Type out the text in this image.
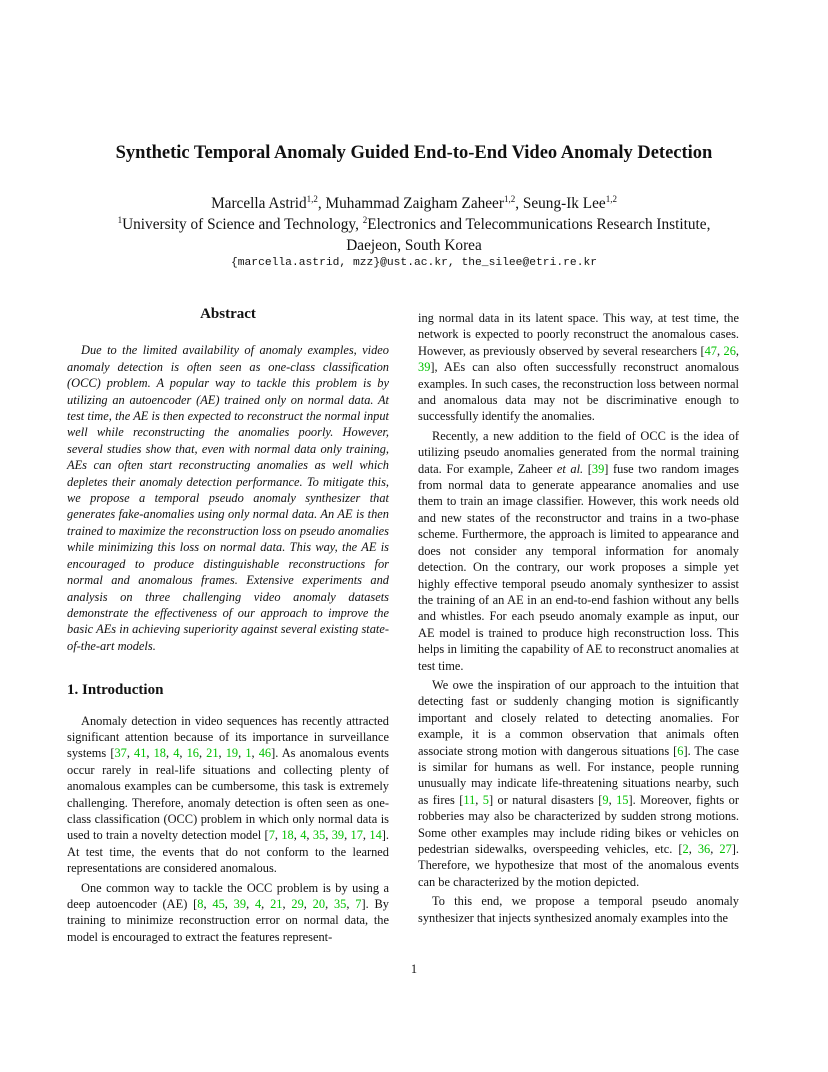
Synthetic Temporal Anomaly Guided End-to-End Video Anomaly Detection

Marcella Astrid$^{1,2}$, Muhammad Zaigham Zaheer$^{1,2}$, Seung-Ik Lee$^{1,2}$

$^1$University of Science and Technology, $^2$Electronics and Telecommunications Research Institute,

Daejeon, South Korea

{marcella.astrid, mzz}@ust.ac.kr, the_silee@etri.re.kr
Abstract

Due to the limited availability of anomaly examples, video anomaly detection is often seen as one-class classification (OCC) problem. A popular way to tackle this problem is by utilizing an autoencoder (AE) trained only on normal data. At test time, the AE is then expected to reconstruct the normal input well while reconstructing the anomalies poorly. However, several studies show that, even with normal data only training, AEs can often start reconstructing anomalies as well which depletes their anomaly detection performance. To mitigate this, we propose a temporal pseudo anomaly synthesizer that generates fake-anomalies using only normal data. An AE is then trained to maximize the reconstruction loss on pseudo anomalies while minimizing this loss on normal data. This way, the AE is encouraged to produce distinguishable reconstructions for normal and anomalous frames. Extensive experiments and analysis on three challenging video anomaly datasets demonstrate the effectiveness of our approach to improve the basic AEs in achieving superiority against several existing state-of-the-art models.

1. Introduction

Anomaly detection in video sequences has recently attracted significant attention because of its importance in surveillance systems [37, 41, 18, 4, 16, 21, 19, 1, 46]. As anomalous events occur rarely in real-life situations and collecting plenty of anomalous examples can be cumbersome, this task is extremely challenging. Therefore, anomaly detection is often seen as one-class classification (OCC) problem in which only normal data is used to train a novelty detection model [7, 18, 4, 35, 39, 17, 14]. At test time, the events that do not conform to the learned representations are considered anomalous.

One common way to tackle the OCC problem is by using a deep autoencoder (AE) [8, 45, 39, 4, 21, 29, 20, 35, 7]. By training to minimize reconstruction error on normal data, the model is encouraged to extract the features represent-

ing normal data in its latent space. This way, at test time, the network is expected to poorly reconstruct the anomalous cases. However, as previously observed by several researchers [47, 26, 39], AEs can also often successfully reconstruct anomalous examples. In such cases, the reconstruction loss between normal and anomalous data may not be discriminative enough to successfully identify the anomalies.

Recently, a new addition to the field of OCC is the idea of utilizing pseudo anomalies generated from the normal training data. For example, Zaheer et al. [39] fuse two random images from normal data to generate appearance anomalies and use them to train an image classifier. However, this work needs old and new states of the reconstructor and trains in a two-phase scheme. Furthermore, the approach is limited to appearance and does not consider any temporal information for anomaly detection. On the contrary, our work proposes a simple yet highly effective temporal pseudo anomaly synthesizer to assist the training of an AE in an end-to-end fashion without any bells and whistles. For each pseudo anomaly example as input, our AE model is trained to produce high reconstruction loss. This helps in limiting the capability of AE to reconstruct anomalies at test time.

We owe the inspiration of our approach to the intuition that detecting fast or suddenly changing motion is significantly important and closely related to detecting anomalies. For example, it is a common observation that animals often associate strong motion with dangerous situations [6]. The case is similar for humans as well. For instance, people running unusually may indicate life-threatening situations nearby, such as fires [11, 5] or natural disasters [9, 15]. Moreover, fights or robberies may also be characterized by sudden strong motions. Some other examples may include riding bikes or vehicles on pedestrian sidewalks, overspeeding vehicles, etc. [2, 36, 27]. Therefore, we hypothesize that most of the anomalous events can be characterized by the motion depicted.

To this end, we propose a temporal pseudo anomaly synthesizer that injects synthesized anomaly examples into the

1
